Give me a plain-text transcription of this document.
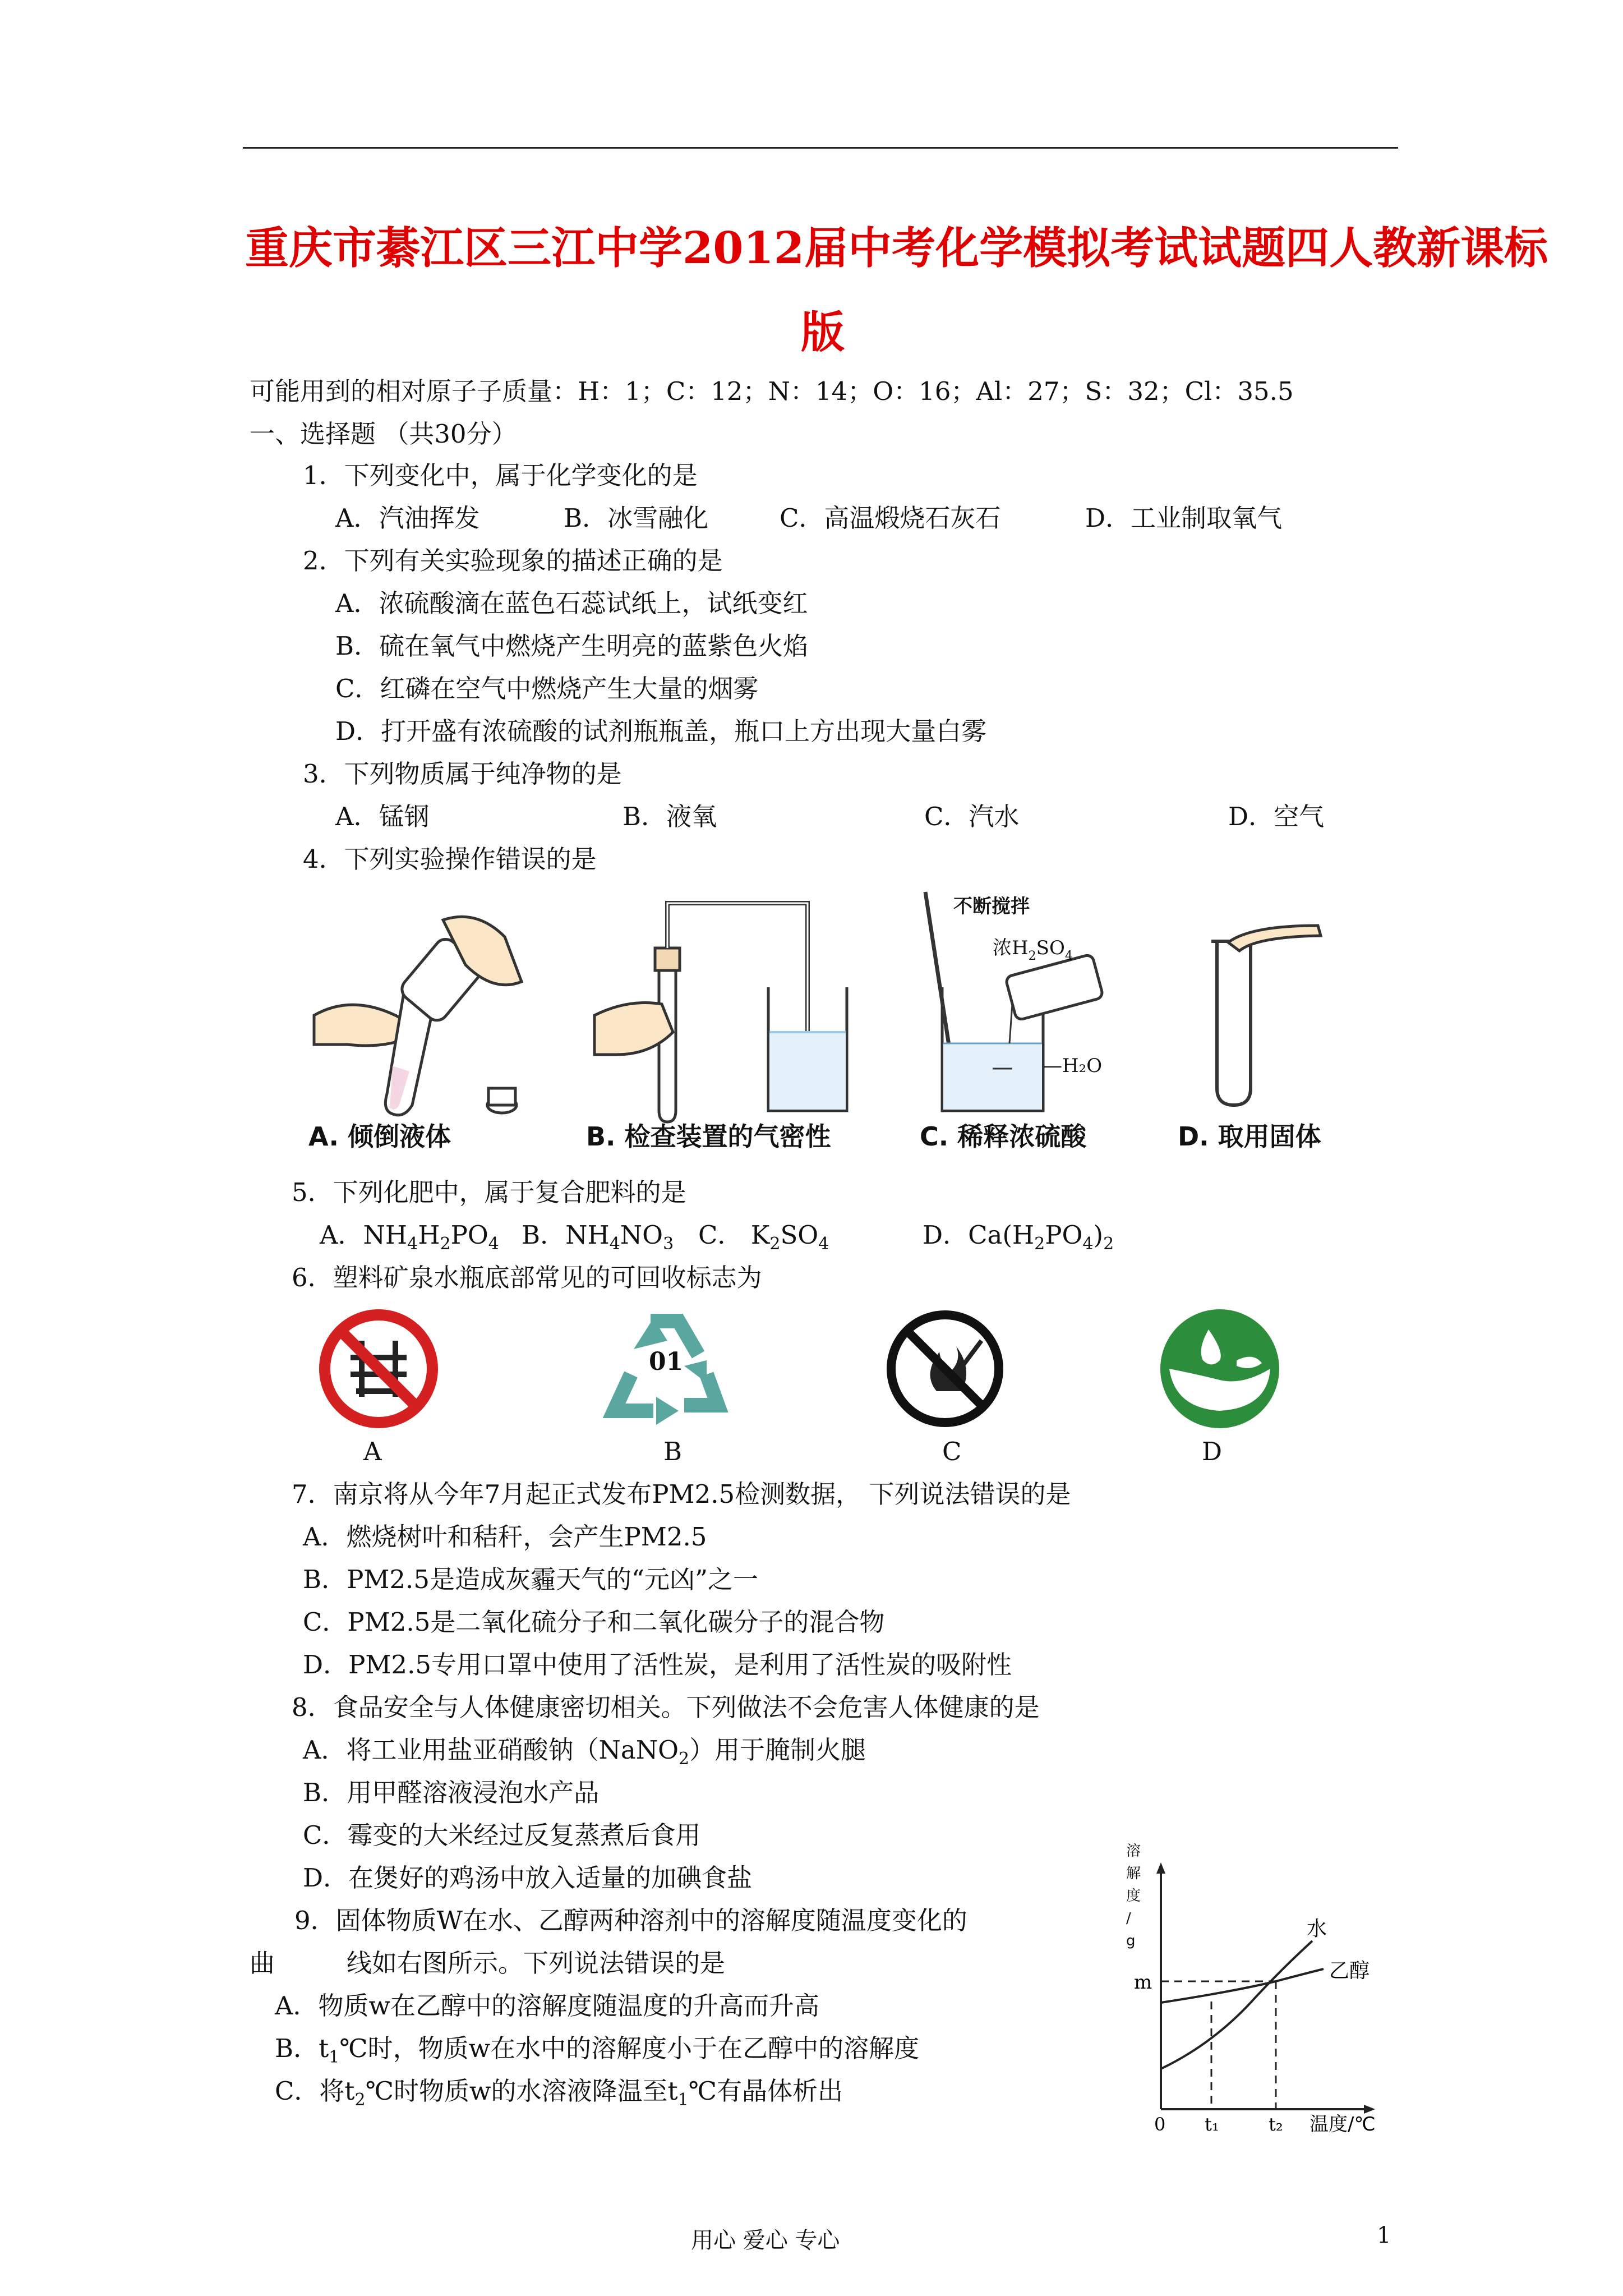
重庆市綦江区三江中学2012届中考化学模拟考试试题四人教新课标
版
可能用到的相对原子子质量：H：1；C：12；N：14；O：16；Al：27；S：32；Cl：35.5
一、选择题 （共30分）
1．下列变化中，属于化学变化的是
A．汽油挥发	B．冰雪融化	C．高温煅烧石灰石	D．工业制取氧气
2．下列有关实验现象的描述正确的是
A．浓硫酸滴在蓝色石蕊试纸上，试纸变红
B．硫在氧气中燃烧产生明亮的蓝紫色火焰
C．红磷在空气中燃烧产生大量的烟雾
D．打开盛有浓硫酸的试剂瓶瓶盖，瓶口上方出现大量白雾
3．下列物质属于纯净物的是
A．锰钢	B．液氧	C．汽水	D．空气
4．下列实验操作错误的是
A. 倾倒液体	B. 检查装置的气密性
不断搅拌
浓$H_2SO_4$
—H₂O
C. 稀释浓硫酸	D. 取用固体
5．下列化肥中，属于复合肥料的是
A．$NH_4H_2PO_4$ B．$NH_4NO_3$ C． $K_2SO_4$	D．$Ca(H_2PO_4)_2$
6．塑料矿泉水瓶底部常见的可回收标志为
01
A	B	C	D
7．南京将从今年7月起正式发布PM2.5检测数据， 下列说法错误的是
A．燃烧树叶和秸秆，会产生PM2.5
B．PM2.5是造成灰霾天气的“元凶”之一
C．PM2.5是二氧化硫分子和二氧化碳分子的混合物
D．PM2.5专用口罩中使用了活性炭，是利用了活性炭的吸附性
8．食品安全与人体健康密切相关。下列做法不会危害人体健康的是
A．将工业用盐亚硝酸钠（NaNO$_2$）用于腌制火腿
B．用甲醛溶液浸泡水产品
C．霉变的大米经过反复蒸煮后食用
D．在煲好的鸡汤中放入适量的加碘食盐
9．固体物质W在水、乙醇两种溶剂中的溶解度随温度变化的
曲	线如右图所示。下列说法错误的是
A．物质w在乙醇中的溶解度随温度的升高而升高
B．$t_1℃$时，物质w在水中的溶解度小于在乙醇中的溶解度
C．将$t_2℃$时物质w的水溶液降温至$t_1℃$有晶体析出
水
乙醇
m
0 t₁	t₂ 温度/℃
溶
解
度
/
g
用心 爱心 专心	1
